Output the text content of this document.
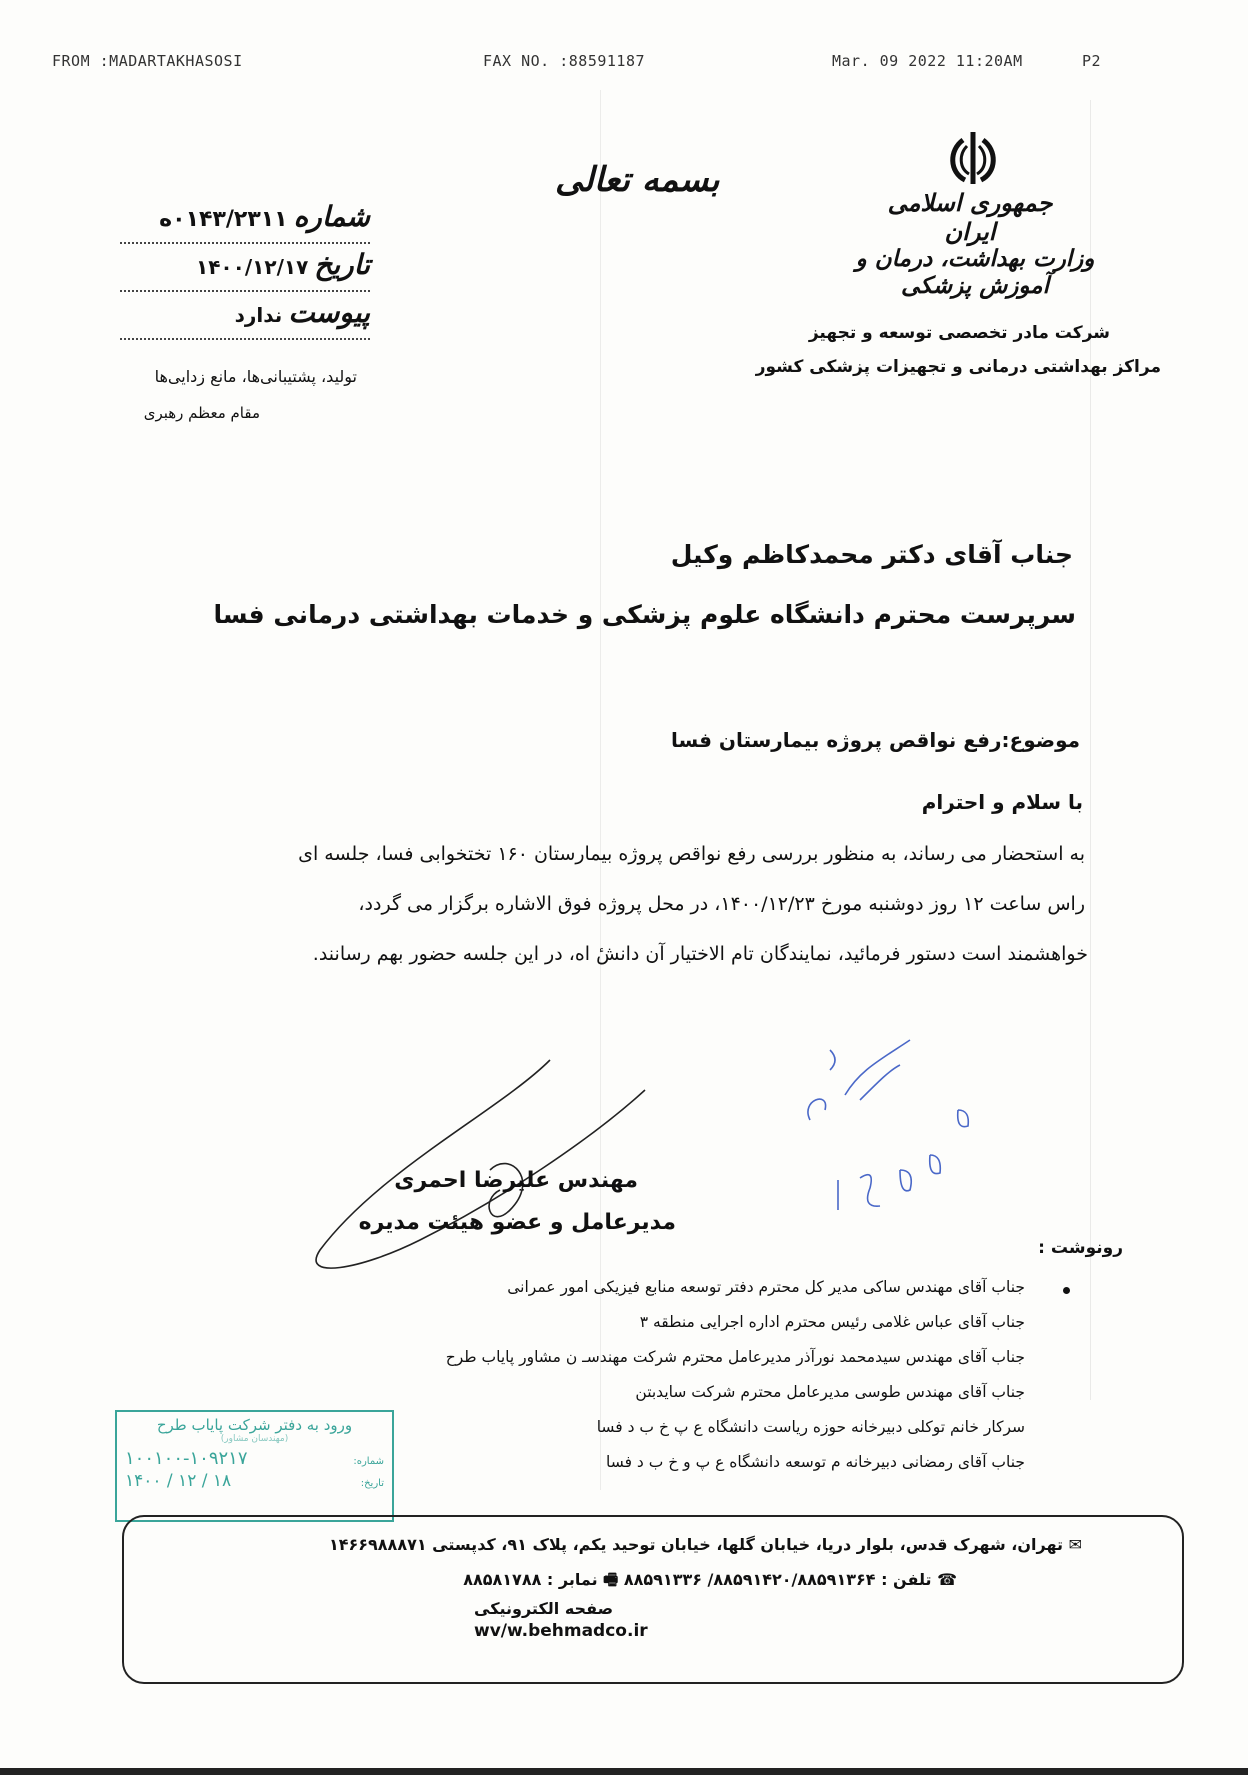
FROM :MADARTAKHASOSI	FAX NO. :88591187	Mar. 09 2022 11:20AM	P2
بسمه تعالی
جمهوری اسلامی ایران
وزارت بهداشت، درمان و آموزش پزشکی
شرکت مادر تخصصی توسعه و تجهیز
مراکز بهداشتی درمانی و تجهیزات پزشکی کشور
شماره
۰۱۴۳/۲۳۱۱ه
تاریخ
۱۴۰۰/۱۲/۱۷
پیوست
ندارد
تولید، پشتیبانی‌ها، مانع زدایی‌ها
مقام معظم رهبری
جناب آقای دکتر محمدکاظم وکیل
سرپرست محترم دانشگاه علوم پزشکی و خدمات بهداشتی درمانی فسا
موضوع:رفع نواقص پروژه بیمارستان فسا
با سلام و احترام
به استحضار می رساند، به منظور بررسی رفع نواقص پروژه بیمارستان ۱۶۰ تختخوابی فسا، جلسه ای
راس ساعت ۱۲ روز دوشنبه مورخ ۱۴۰۰/۱۲/۲۳، در محل پروژه فوق الاشاره برگزار می گردد،
خواهشمند است دستور فرمائید، نمایندگان تام الاختیار آن دانشٔ اه، در این جلسه حضور بهم رسانند.
مهندس علیرضا احمری
مدیرعامل و عضو هیئت مدیره
رونوشت :
جناب آقای مهندس ساکی مدیر کل محترم دفتر توسعه منابع فیزیکی امور عمرانی
جناب آقای عباس غلامی رئیس محترم اداره اجرایی منطقه ۳
جناب آقای مهندس سیدمحمد نورآذر مدیرعامل محترم شرکت مهندسـ ن مشاور پایاب طرح
جناب آقای مهندس طوسی مدیرعامل محترم شرکت سایدبتن
سرکار خانم توکلی دبیرخانه حوزه ریاست دانشگاه ع پ خ ب د فسا
جناب آقای رمضانی دبیرخانه م توسعه دانشگاه ع پ و خ ب د فسا
ورود به دفتر شرکت پایاب طرح
(مهندسان مشاور)
شماره:
۱۰۰۱۰۰-۱۰۹۲۱۷
تاریخ:
۱۴۰۰ / ۱۲ / ۱۸
✉ تهران، شهرک قدس، بلوار دریا، خیابان گلها، خیابان توحید یکم، پلاک ۹۱، کدپستی ۱۴۶۶۹۸۸۸۷۱
☎ تلفن : ۸۸۵۹۱۴۲۰/۸۸۵۹۱۳۶۴/ ۸۸۵۹۱۳۳۶ 🖷 نمابر : ۸۸۵۸۱۷۸۸
صفحه الکترونیکی
wv/w.behmadco.ir
